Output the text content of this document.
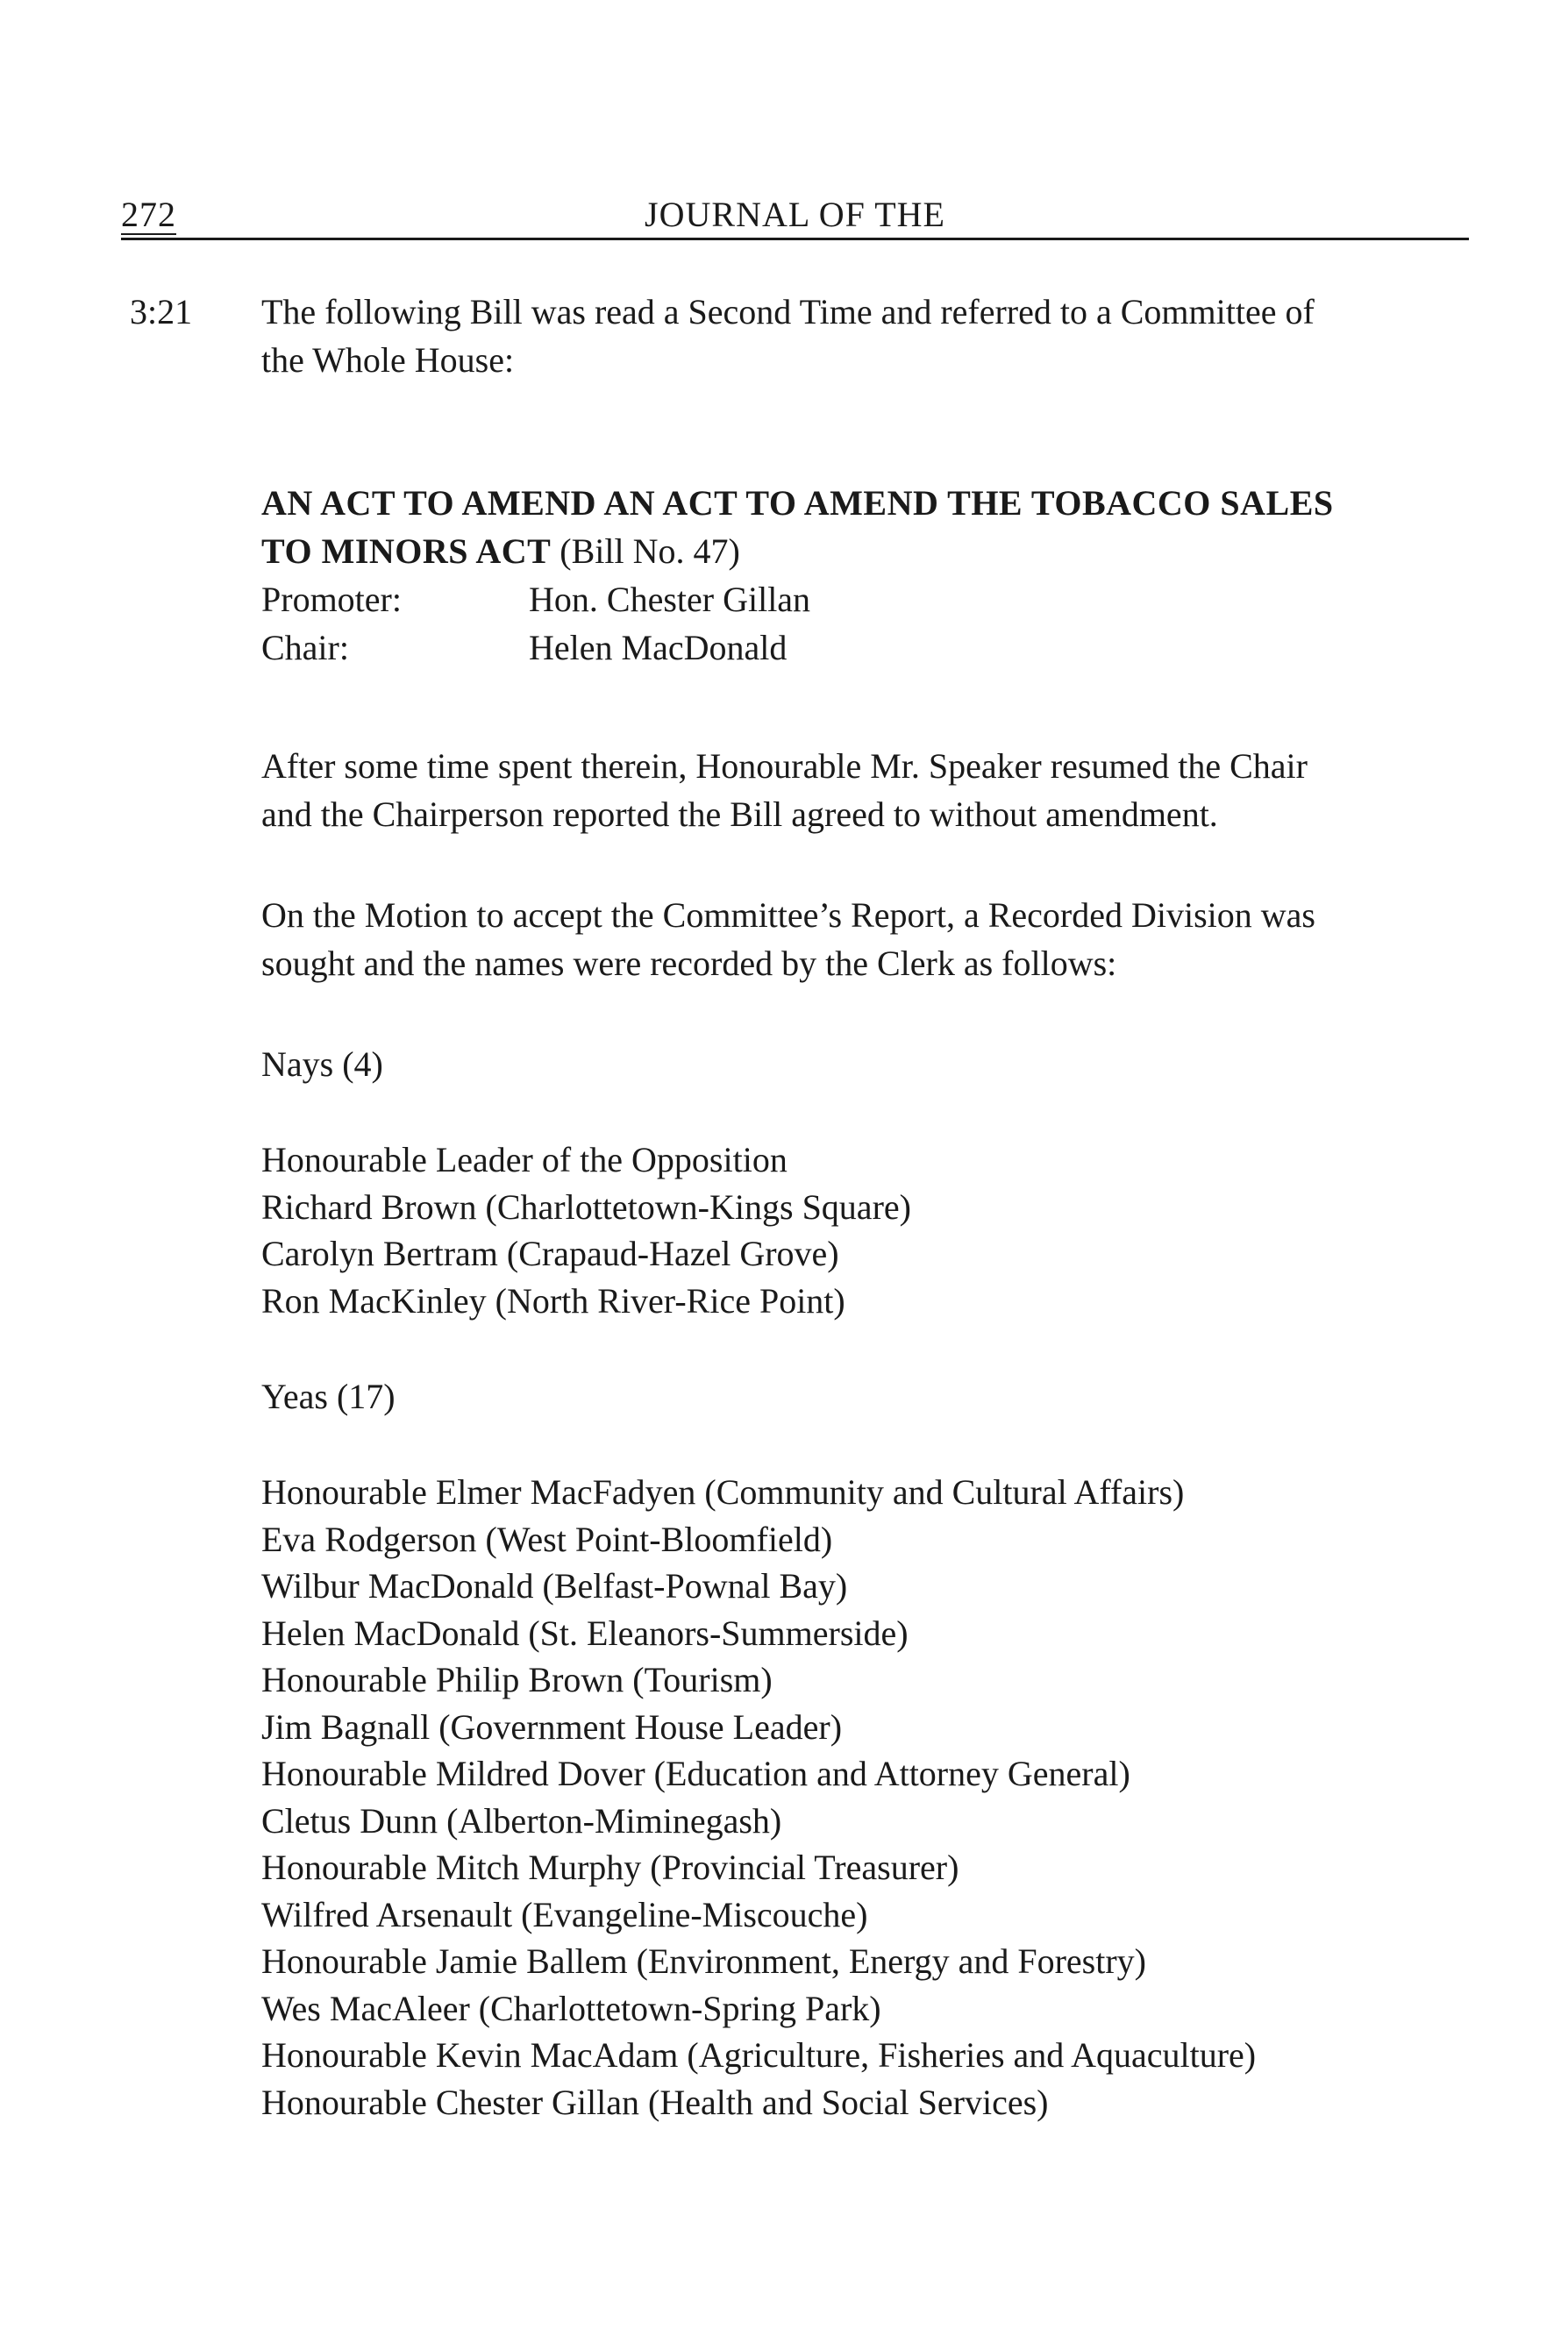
272	JOURNAL OF THE
3:21 The following Bill was read a Second Time and referred to a Committee of
the Whole House:
AN ACT TO AMEND AN ACT TO AMEND THE TOBACCO SALES
TO MINORS ACT (Bill No. 47)
Promoter:	Hon. Chester Gillan
Chair:	Helen MacDonald
After some time spent therein, Honourable Mr. Speaker resumed the Chair
and the Chairperson reported the Bill agreed to without amendment.
On the Motion to accept the Committee’s Report, a Recorded Division was
sought and the names were recorded by the Clerk as follows:
Nays (4)
Honourable Leader of the Opposition
Richard Brown (Charlottetown-Kings Square)
Carolyn Bertram (Crapaud-Hazel Grove)
Ron MacKinley (North River-Rice Point)
Yeas (17)
Honourable Elmer MacFadyen (Community and Cultural Affairs)
Eva Rodgerson (West Point-Bloomfield)
Wilbur MacDonald (Belfast-Pownal Bay)
Helen MacDonald (St. Eleanors-Summerside)
Honourable Philip Brown (Tourism)
Jim Bagnall (Government House Leader)
Honourable Mildred Dover (Education and Attorney General)
Cletus Dunn (Alberton-Miminegash)
Honourable Mitch Murphy (Provincial Treasurer)
Wilfred Arsenault (Evangeline-Miscouche)
Honourable Jamie Ballem (Environment, Energy and Forestry)
Wes MacAleer (Charlottetown-Spring Park)
Honourable Kevin MacAdam (Agriculture, Fisheries and Aquaculture)
Honourable Chester Gillan (Health and Social Services)
